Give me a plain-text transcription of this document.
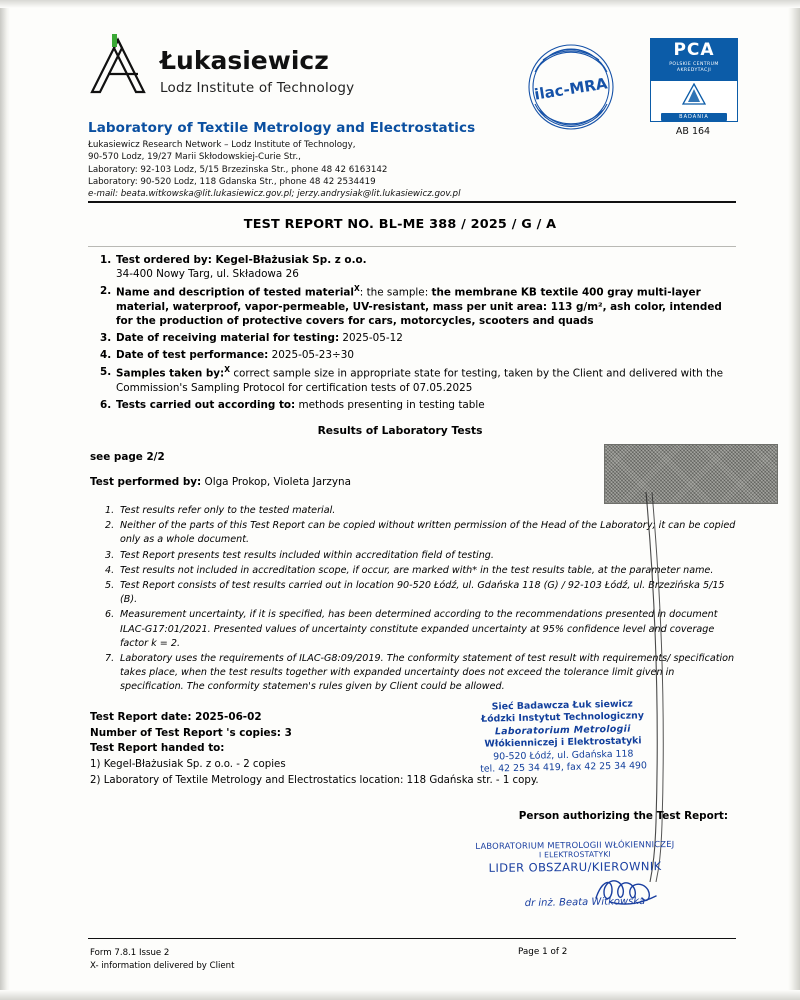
Łukasiewicz
Lodz Institute of Technology
Laboratory of Textile Metrology and Electrostatics
Łukasiewicz Research Network – Lodz Institute of Technology,
90-570 Lodz, 19/27 Marii Skłodowskiej-Curie Str.,
Laboratory: 92-103 Lodz, 5/15 Brzezinska Str., phone 48 42 6163142
Laboratory: 90-520 Lodz, 118 Gdanska Str., phone 48 42 2534419
e-mail: beata.witkowska@lit.lukasiewicz.gov.pl; jerzy.andrysiak@lit.lukasiewicz.gov.pl
ilac-MRA
PCA
POLSKIE CENTRUM AKREDYTACJI
BADANIA
AB 164
TEST REPORT NO. BL-ME 388 / 2025 / G / A
Test ordered by: Kegel-Błażusiak Sp. z o.o.
34-400 Nowy Targ, ul. Składowa 26
Name and description of tested material$^X$: the sample: the membrane KB textile 400 gray multi-layer material, waterproof, vapor-permeable, UV-resistant, mass per unit area: 113 g/m², ash color, intended for the production of protective covers for cars, motorcycles, scooters and quads
Date of receiving material for testing: 2025-05-12
Date of test performance: 2025-05-23÷30
Samples taken by:$^X$ correct sample size in appropriate state for testing, taken by the Client and delivered with the Commission's Sampling Protocol for certification tests of 07.05.2025
Tests carried out according to: methods presenting in testing table
Results of Laboratory Tests
see page 2/2
Test performed by: Olga Prokop, Violeta Jarzyna
Test results refer only to the tested material.
Neither of the parts of this Test Report can be copied without written permission of the Head of the Laboratory; it can be copied only as a whole document.
Test Report presents test results included within accreditation field of testing.
Test results not included in accreditation scope, if occur, are marked with* in the test results table, at the parameter name.
Test Report consists of test results carried out in location 90-520 Łódź, ul. Gdańska 118 (G) / 92-103 Łódź, ul. Brzezińska 5/15 (B).
Measurement uncertainty, if it is specified, has been determined according to the recommendations presented in document ILAC-G17:01/2021. Presented values of uncertainty constitute expanded uncertainty at 95% confidence level and coverage factor k = 2.
Laboratory uses the requirements of ILAC-G8:09/2019. The conformity statement of test result with requirements/ specification takes place, when the test results together with expanded uncertainty does not exceed the tolerance limit given in specification. The conformity statemen's rules given by Client could be allowed.
Test Report date: 2025-06-02
Number of Test Report 's copies: 3
Test Report handed to:
1) Kegel-Błażusiak Sp. z o.o. - 2 copies
2) Laboratory of Textile Metrology and Electrostatics location: 118 Gdańska str. - 1 copy.
Person authorizing the Test Report:
Sieć Badawcza Łuk siewicz
Łódzki Instytut Technologiczny
Laboratorium Metrologii
Włókienniczej i Elektrostatyki
90-520 Łódź, ul. Gdańska 118
tel. 42 25 34 419, fax 42 25 34 490
LABORATORIUM METROLOGII WŁÓKIENNICZEJ
I ELEKTROSTATYKI
LIDER OBSZARU/KIEROWNIK
dr inż. Beata Witkowska
Form 7.8.1 Issue 2
X- information delivered by Client
Page 1 of 2
